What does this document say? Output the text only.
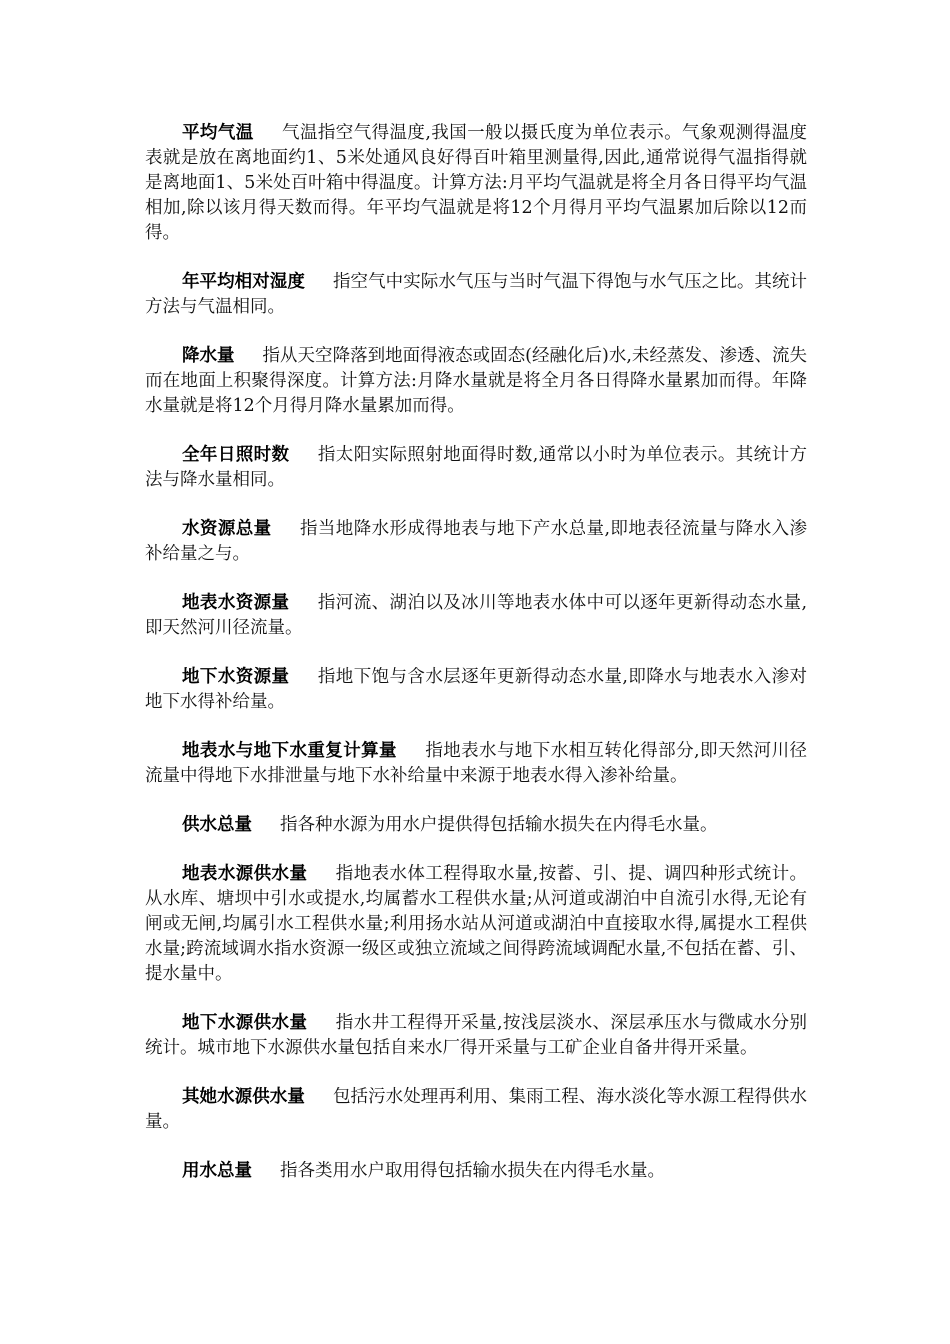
平均气温 气温指空气得温度,我国一般以摄氏度为单位表示。气象观测得温度表就是放在离地面约1、5米处通风良好得百叶箱里测量得,因此,通常说得气温指得就是离地面1、5米处百叶箱中得温度。计算方法:月平均气温就是将全月各日得平均气温相加,除以该月得天数而得。年平均气温就是将12个月得月平均气温累加后除以12而得。

年平均相对湿度 指空气中实际水气压与当时气温下得饱与水气压之比。其统计方法与气温相同。

降水量 指从天空降落到地面得液态或固态(经融化后)水,未经蒸发、渗透、流失而在地面上积聚得深度。计算方法:月降水量就是将全月各日得降水量累加而得。年降水量就是将12个月得月降水量累加而得。

全年日照时数 指太阳实际照射地面得时数,通常以小时为单位表示。其统计方法与降水量相同。

水资源总量 指当地降水形成得地表与地下产水总量,即地表径流量与降水入渗补给量之与。

地表水资源量 指河流、湖泊以及冰川等地表水体中可以逐年更新得动态水量,即天然河川径流量。

地下水资源量 指地下饱与含水层逐年更新得动态水量,即降水与地表水入渗对地下水得补给量。

地表水与地下水重复计算量 指地表水与地下水相互转化得部分,即天然河川径流量中得地下水排泄量与地下水补给量中来源于地表水得入渗补给量。

供水总量 指各种水源为用水户提供得包括输水损失在内得毛水量。

地表水源供水量 指地表水体工程得取水量,按蓄、引、提、调四种形式统计。从水库、塘坝中引水或提水,均属蓄水工程供水量;从河道或湖泊中自流引水得,无论有闸或无闸,均属引水工程供水量;利用扬水站从河道或湖泊中直接取水得,属提水工程供水量;跨流域调水指水资源一级区或独立流域之间得跨流域调配水量,不包括在蓄、引、提水量中。

地下水源供水量 指水井工程得开采量,按浅层淡水、深层承压水与微咸水分别统计。城市地下水源供水量包括自来水厂得开采量与工矿企业自备井得开采量。

其她水源供水量 包括污水处理再利用、集雨工程、海水淡化等水源工程得供水量。

用水总量 指各类用水户取用得包括输水损失在内得毛水量。
